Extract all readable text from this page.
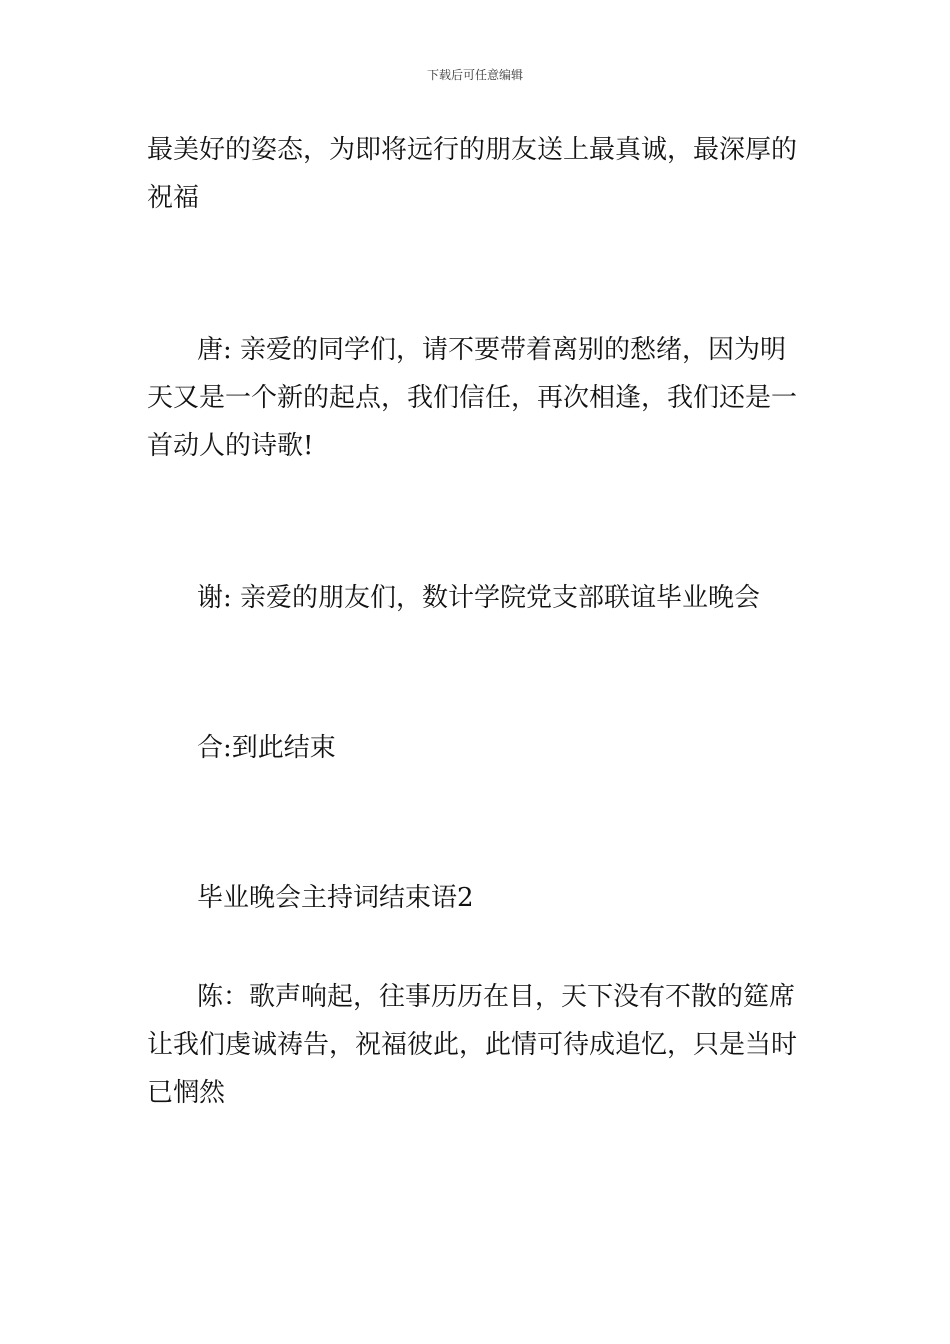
下载后可任意编辑
最美好的姿态，为即将远行的朋友送上最真诚，最深厚的
祝福
唐: 亲爱的同学们，请不要带着离别的愁绪，因为明
天又是一个新的起点，我们信任，再次相逢，我们还是一
首动人的诗歌!
谢: 亲爱的朋友们，数计学院党支部联谊毕业晚会
合:到此结束
毕业晚会主持词结束语2
陈：歌声响起，往事历历在目，天下没有不散的筵席
让我们虔诚祷告，祝福彼此，此情可待成追忆，只是当时
已惘然
